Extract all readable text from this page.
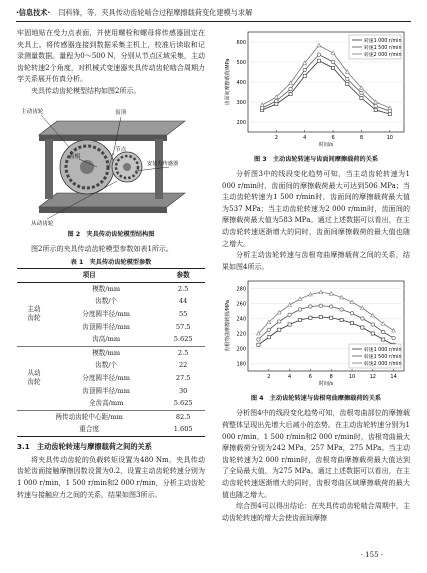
·信息技术· 闫科锋，等．夹具传动齿轮啮合过程摩擦载荷变化建模与求解

牢固地贴在受力点表面，并使用螺栓和螺母将传感器固定在夹具上。将传感器连接到数据采集主机上，校准后读取和记录测量数据。量程为0～500 N，分别从节点区域采集，主动齿轮转速2个角度，对机械式变速器夹具传动齿轮啮合周期力学关系展开仿真分析。

夹具传动齿轮模型结构如图2所示。

主动齿轮	齿顶
齿根
节点
安装力传感器
从动齿轮
图 2　夹具传动齿轮模型结构图

图2所示的夹具传动齿轮模型参数如表1所示。

表 1　夹具传动齿轮模型参数
项目		参数
主动
齿轮	模数/mm	2.5
	齿数/个	44
	分度圆半径/mm	55
	齿顶圆半径/mm	57.5
	齿高/mm	5.625
从动
齿轮	模数/mm	2.5
	齿数/个	22
	分度圆半径/mm	27.5
	齿顶圆半径/mm	30
	全齿高/mm	5.625
两传动齿轮中心距/mm		82.5
重合度		1.605
3.1　主动齿轮转速与摩擦载荷之间的关系

将夹具传动齿轮的负载转矩设置为480 Nm，夹具传动齿轮齿面接触摩擦因数设置为0.2，设置主动齿轮转速分别为1 000 r/min，1 500 r/min和2 000 r/min，分析主动齿轮转速与接触应力之间的关系，结果如图3所示。

200
300
400
500
600
2	4	6	8	10
时间/s
齿面间摩擦载荷/MPa
转速1 000 r/min
转速1 500 r/min
转速2 000 r/min
图 3　主动齿轮转速与齿面间摩擦载荷的关系

分析图3中的线段变化趋势可知，当主动齿轮转速为1 000 r/min时，齿面间的摩擦载荷最大可达到506 MPa；当主动齿轮转速为1 500 r/min时，齿面间的摩擦载荷最大值为537 MPa；当主动齿轮转速为2 000 r/min时，齿面间的摩擦载荷最大值为583 MPa。通过上述数据可以看出，在主动齿轮转速逐渐增大的同时，齿面间摩擦载荷的最大值也随之增大。

分析主动齿轮转速与齿根弯曲摩擦载荷之间的关系，结果如图4所示。

180
200
220
240
260
280
2	4	6	8	10	12	14
时间/s
齿根弯曲摩擦载荷/MPa	转速1 000 r/min
转速1 500 r/min
转速2 000 r/min
图 4　主动齿轮转速与齿根弯曲摩擦载荷的关系

分析图4中的线段变化趋势可知，齿根弯曲部位的摩擦载荷整体呈现出先增大后减小的态势。在主动齿轮转速分别为1 000 r/min，1 500 r/min和2 000 r/min时，齿根弯曲最大摩擦载荷分别为242 MPa，257 MPa，275 MPa。当主动齿轮转速为2 000 r/min时，齿根弯曲摩擦载荷最大值达到了全局最大值，为275 MPa。通过上述数据可以看出，在主动齿轮转速逐渐增大的同时，齿根弯曲区域摩擦载荷的最大值也随之增大。

综合图4可以得出结论：在夹具传动齿轮啮合周期中，主动齿轮转速的增大会使齿面间摩擦

· 155 ·
